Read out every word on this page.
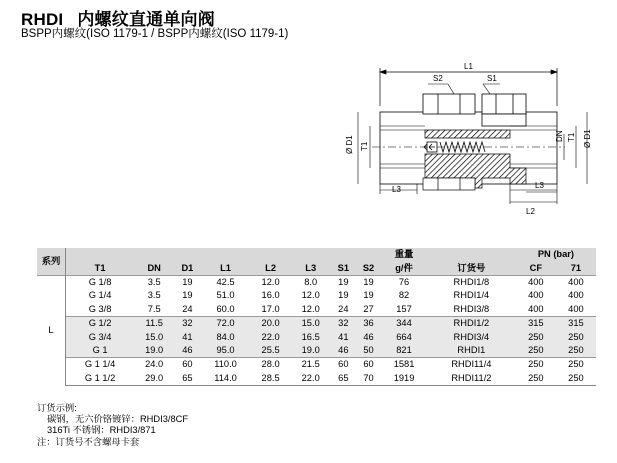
RHDI 内螺纹直通单向阀
BSPP内螺纹(ISO 1179-1 / BSPP内螺纹(ISO 1179-1)
L1
S2	S1
Ø D1 T1
L3
DN T1 Ø D1
L3
L2
系列									重量		PN (bar)	
	T1	DN	D1	L1	L2	L3	S1	S2	g/件	订货号	CF	71
L	G 1/8	3.5	19	42.5	12.0	8.0	19	19	76	RHDI1/8	400	400
	G 1/4	3.5	19	51.0	16.0	12.0	19	19	82	RHDI1/4	400	400
	G 3/8	7.5	24	60.0	17.0	12.0	24	27	157	RHDI3/8	400	400
	G 1/2	11.5	32	72.0	20.0	15.0	32	36	344	RHDI1/2	315	315
	G 3/4	15.0	41	84.0	22.0	16.5	41	46	664	RHDI3/4	250	250
	G 1	19.0	46	95.0	25.5	19.0	46	50	821	RHDI1	250	250
	G 1 1/4	24.0	60	110.0	28.0	21.5	60	60	1581	RHDI11/4	250	250
	G 1 1/2	29.0	65	114.0	28.5	22.0	65	70	1919	RHDI11/2	250	250
订货示例:
碳钢，无六价铬镀锌：RHDI3/8CF
316Ti 不锈钢：RHDI3/871
注：订货号不含螺母卡套
